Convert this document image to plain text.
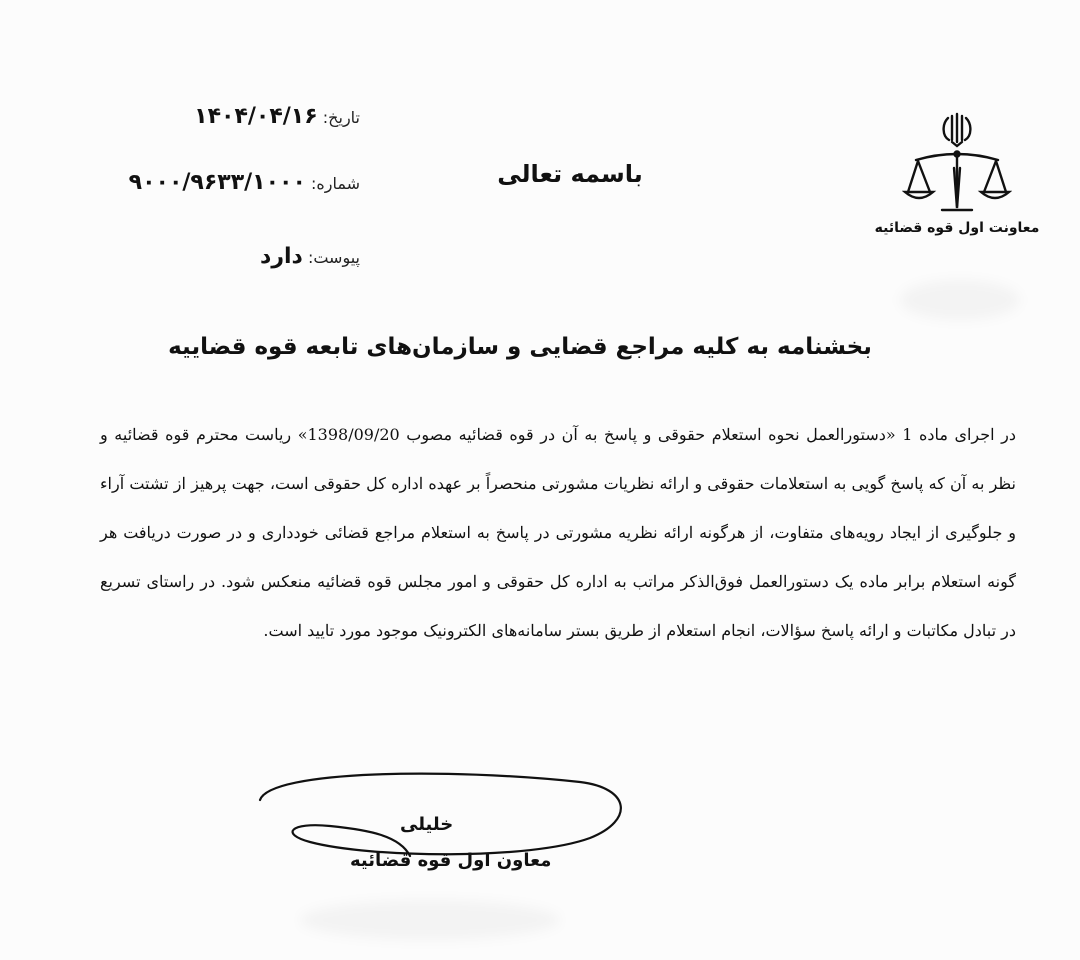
معاونت اول قوه قضائیه
باسمه تعالی
تاریخ: ۱۴۰۴/۰۴/۱۶
شماره: ۹۰۰۰/۹۶۳۳/۱۰۰۰
پیوست: دارد
بخشنامه به کلیه مراجع قضایی و سازمان‌های تابعه قوه قضاییه
در اجرای ماده 1 «دستورالعمل نحوه استعلام حقوقی و پاسخ به آن در قوه قضائیه مصوب 1398/09/20» ریاست محترم قوه قضائیه و نظر به آن که پاسخ گویی به استعلامات حقوقی و ارائه نظریات مشورتی منحصراً بر عهده اداره کل حقوقی است، جهت پرهیز از تشتت آراء و جلوگیری از ایجاد رویه‌های متفاوت، از هرگونه ارائه نظریه مشورتی در پاسخ به استعلام مراجع قضائی خودداری و در صورت دریافت هر گونه استعلام برابر ماده یک دستورالعمل فوق‌الذکر مراتب به اداره کل حقوقی و امور مجلس قوه قضائیه منعکس شود. در راستای تسریع در تبادل مکاتبات و ارائه پاسخ سؤالات، انجام استعلام از طریق بستر سامانه‌های الکترونیک موجود مورد تایید است.
خلیلی
معاون اول قوه قضائیه
